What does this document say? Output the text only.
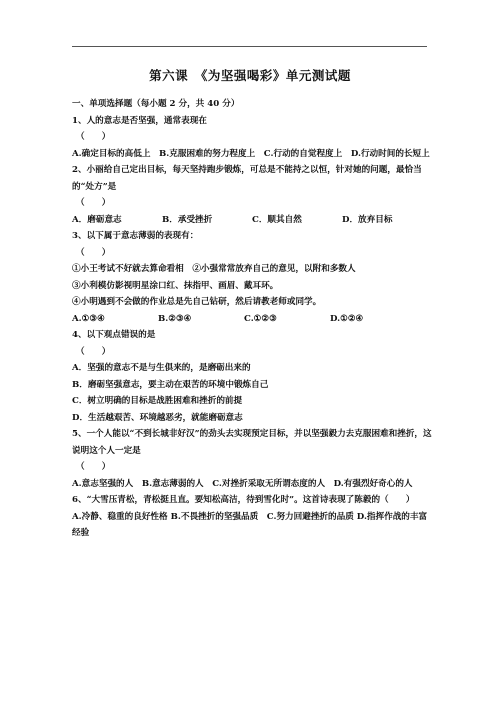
第六课　《为坚强喝彩》单元测试题
一、单项选择题（每小题 2 分，共 40 分）
1、人的意志是否坚强，通常表现在
（　　）
A.确定目标的高低上　B.克服困难的努力程度上　C.行动的自觉程度上　D.行动时间的长短上
2、小丽给自己定出目标，每天坚持跑步锻炼，可总是不能持之以恒，针对她的问题，最恰当的“处方”是
（　　）
A．磨砺意志	B．承受挫折	C．顺其自然	D．放弃目标
3、以下属于意志薄弱的表现有：
（　　）
①小王考试不好就去算命看相　②小强常常放弃自己的意见，以附和多数人
③小利模仿影视明星涂口红、抹指甲、画眉、戴耳环。
④小明遇到不会做的作业总是先自己钻研，然后请教老师或同学。
A.①③④	B.②③④	C.①②③	D.①②④
4、以下观点错误的是
（　　）
A．坚强的意志不是与生俱来的，是磨砺出来的
B．磨砺坚强意志，要主动在艰苦的环境中锻炼自己
C．树立明确的目标是战胜困难和挫折的前提
D．生活越艰苦、环境越恶劣，就能磨砺意志
5、一个人能以“不到长城非好汉”的劲头去实现预定目标，并以坚强毅力去克服困难和挫折，这说明这个人一定是
（　　）
A.意志坚强的人　B.意志薄弱的人　C.对挫折采取无所谓态度的人　D.有强烈好奇心的人
6、“大雪压青松，青松挺且直。要知松高洁，待到雪化时”。这首诗表现了陈毅的（　　）
A.冷静、稳重的良好性格 B.不畏挫折的坚强品质　C.努力回避挫折的品质 D.指挥作战的丰富经验
